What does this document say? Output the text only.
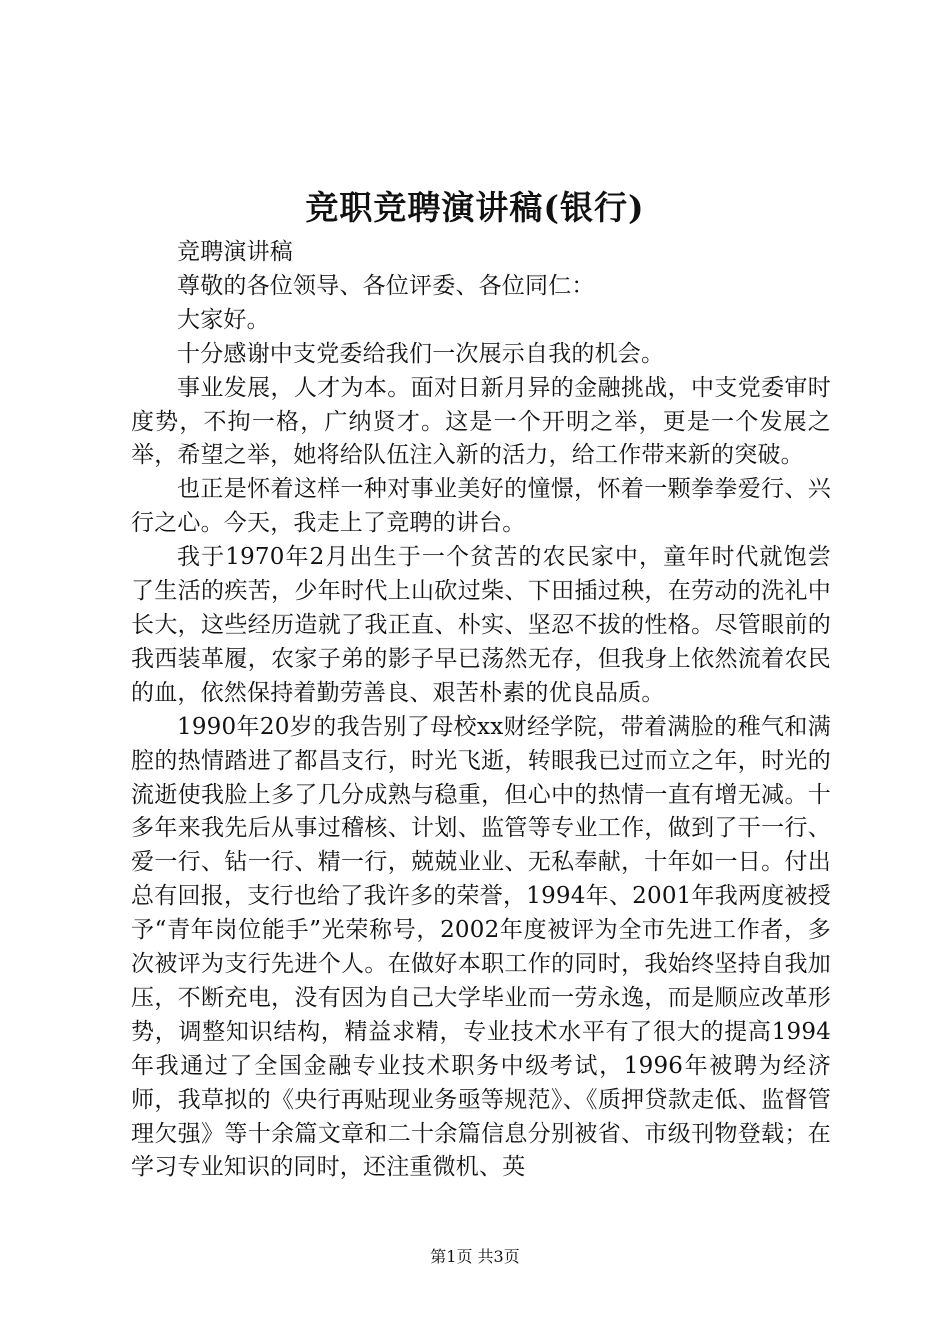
竞职竞聘演讲稿(银行)

竞聘演讲稿

尊敬的各位领导、各位评委、各位同仁：

大家好。

十分感谢中支党委给我们一次展示自我的机会。

事业发展，人才为本。面对日新月异的金融挑战，中支党委审时度势，不拘一格，广纳贤才。这是一个开明之举，更是一个发展之举，希望之举，她将给队伍注入新的活力，给工作带来新的突破。

也正是怀着这样一种对事业美好的憧憬，怀着一颗拳拳爱行、兴行之心。今天，我走上了竞聘的讲台。

我于1970年2月出生于一个贫苦的农民家中，童年时代就饱尝了生活的疾苦，少年时代上山砍过柴、下田插过秧，在劳动的洗礼中长大，这些经历造就了我正直、朴实、坚忍不拔的性格。尽管眼前的我西装革履，农家子弟的影子早已荡然无存，但我身上依然流着农民的血，依然保持着勤劳善良、艰苦朴素的优良品质。

1990年20岁的我告别了母校xx财经学院，带着满脸的稚气和满腔的热情踏进了都昌支行，时光飞逝，转眼我已过而立之年，时光的流逝使我脸上多了几分成熟与稳重，但心中的热情一直有增无减。十多年来我先后从事过稽核、计划、监管等专业工作，做到了干一行、爱一行、钻一行、精一行，兢兢业业、无私奉献，十年如一日。付出总有回报，支行也给了我许多的荣誉，1994年、2001年我两度被授予“青年岗位能手”光荣称号，2002年度被评为全市先进工作者，多次被评为支行先进个人。在做好本职工作的同时，我始终坚持自我加压，不断充电，没有因为自己大学毕业而一劳永逸，而是顺应改革形势，调整知识结构，精益求精，专业技术水平有了很大的提高1994年我通过了全国金融专业技术职务中级考试，1996年被聘为经济师，我草拟的《央行再贴现业务亟等规范》、《质押贷款走低、监督管理欠强》等十余篇文章和二十余篇信息分别被省、市级刊物登载；在学习专业知识的同时，还注重微机、英

第1页 共3页
